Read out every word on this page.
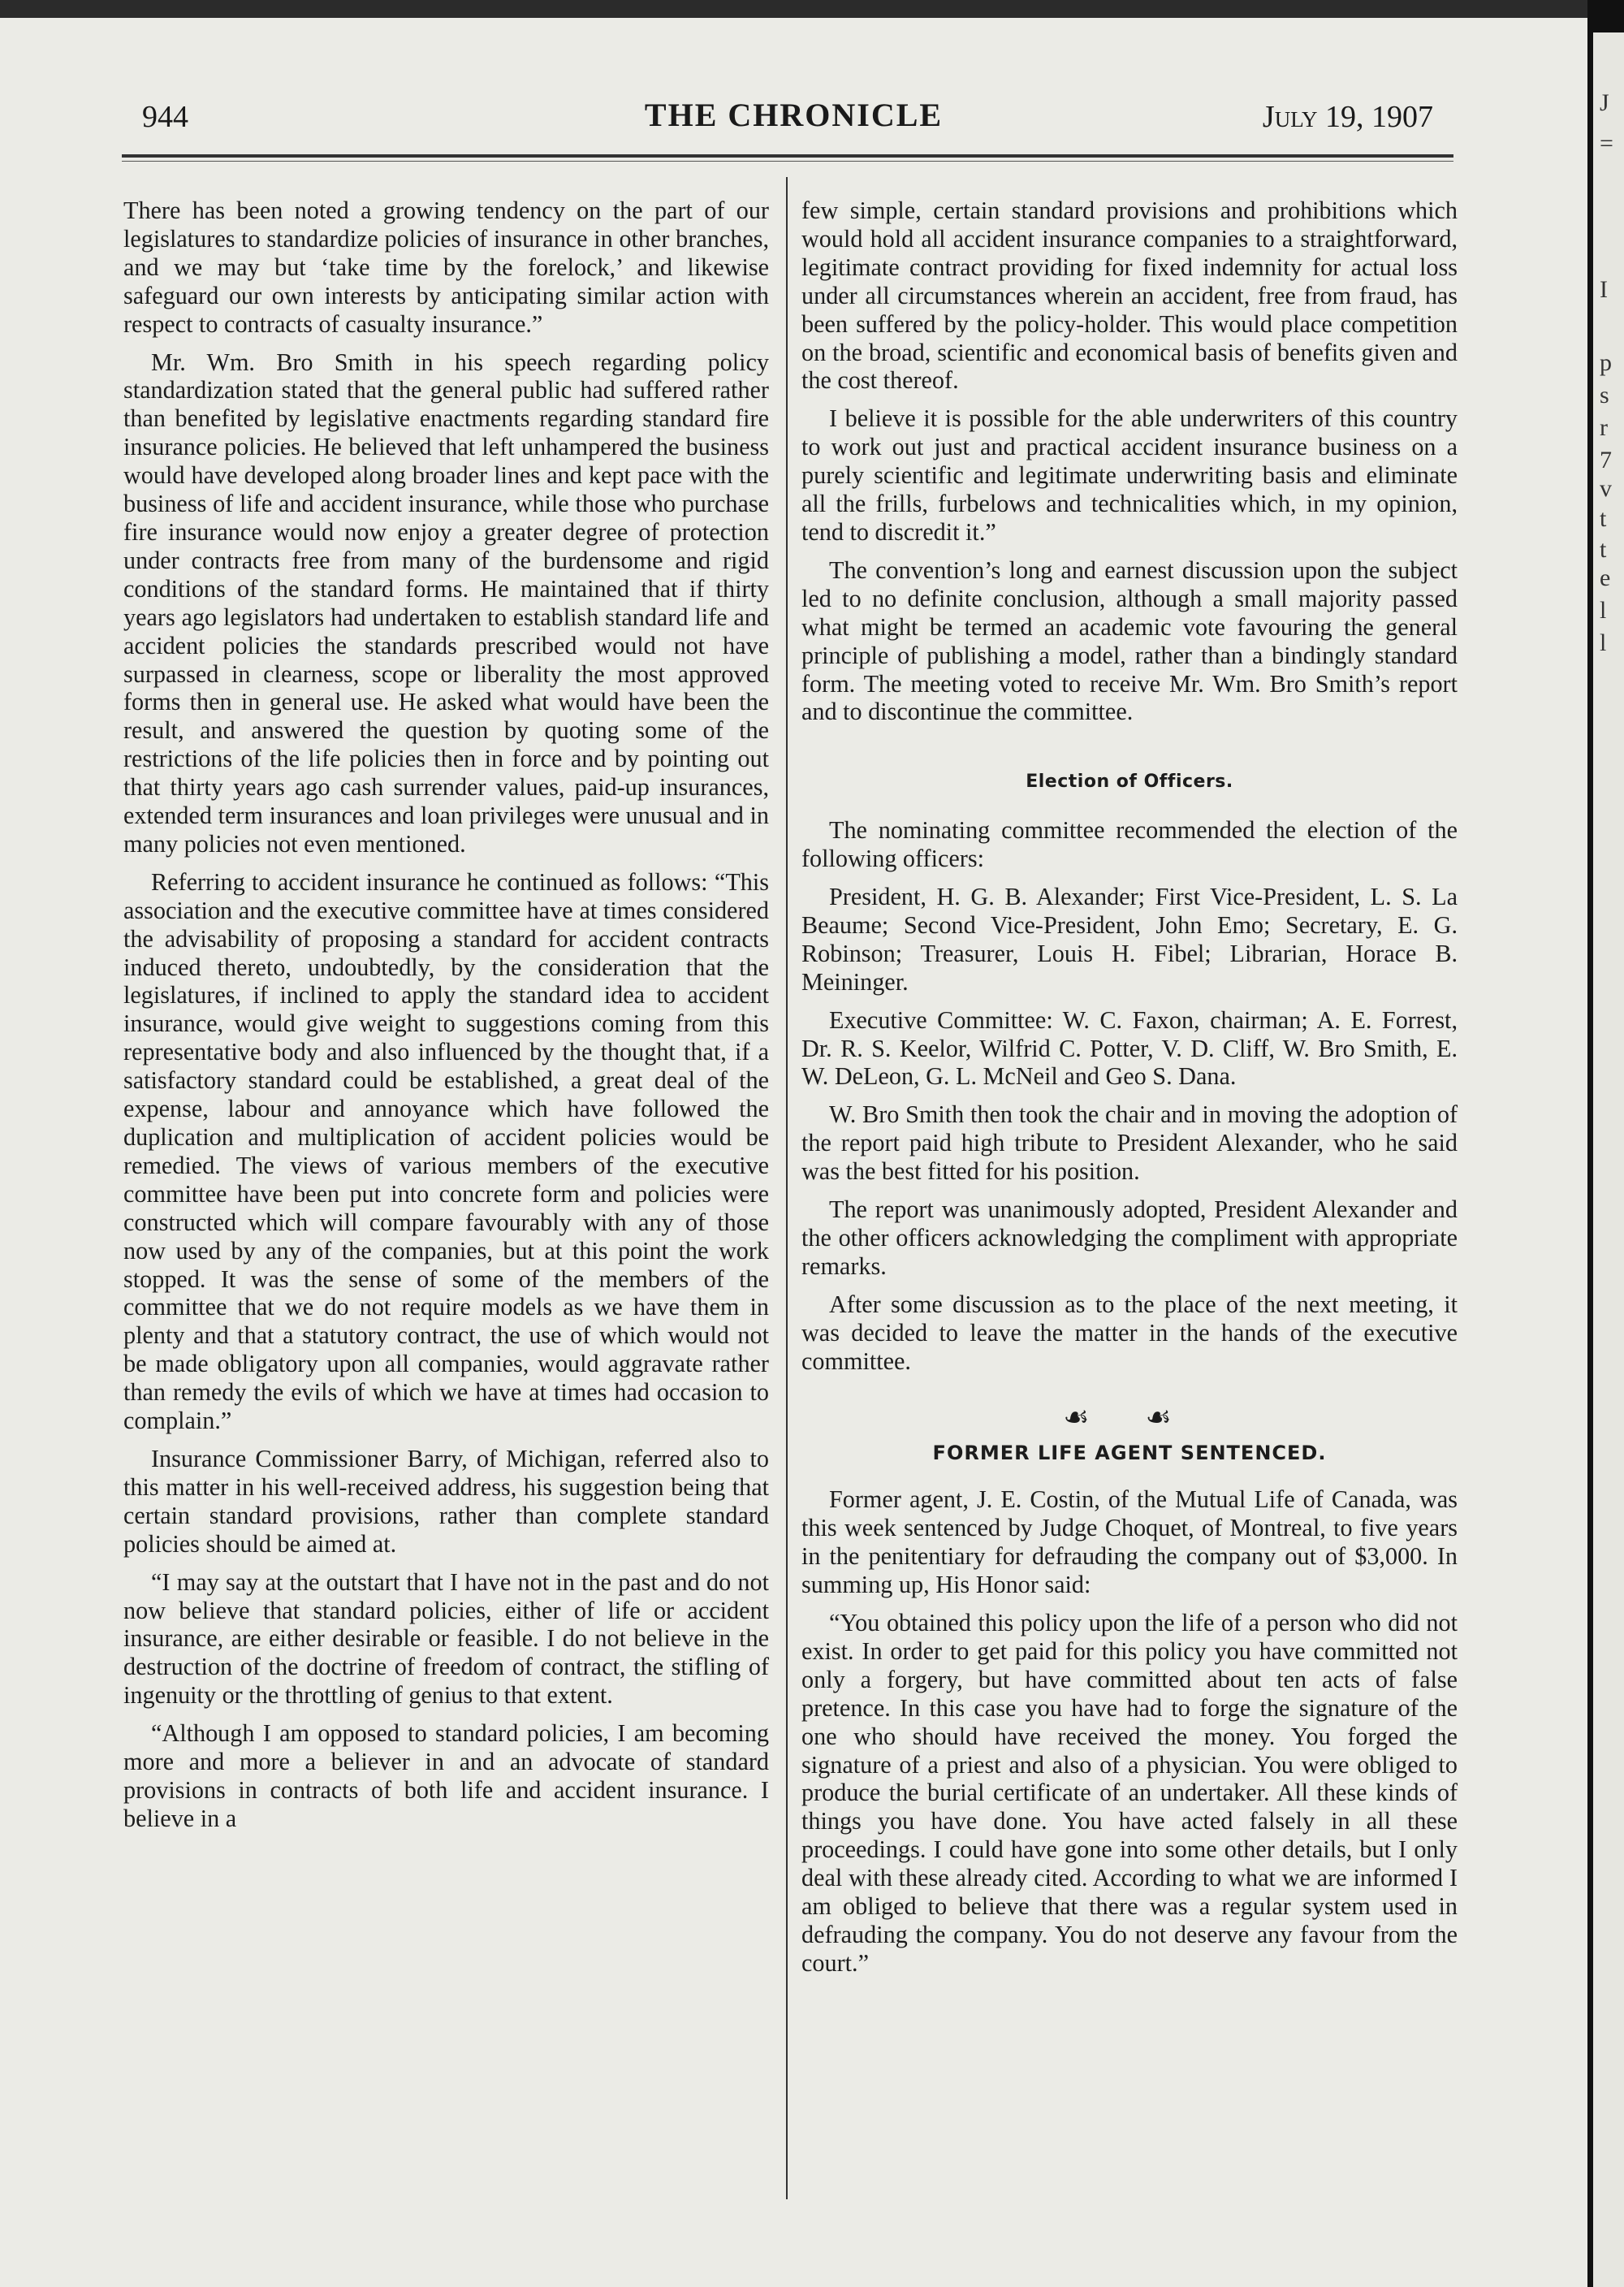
944	THE CHRONICLE	July 19, 1907

There has been noted a growing tendency on the part of our legislatures to standardize policies of insurance in other branches, and we may but ‘take time by the forelock,’ and likewise safeguard our own interests by anticipating similar action with respect to contracts of casualty insurance.”

Mr. Wm. Bro Smith in his speech regarding policy standardization stated that the general public had suffered rather than benefited by legislative enactments regarding standard fire insurance policies. He believed that left unhampered the business would have developed along broader lines and kept pace with the business of life and accident insurance, while those who purchase fire insurance would now enjoy a greater degree of protection under contracts free from many of the burdensome and rigid conditions of the standard forms. He maintained that if thirty years ago legislators had undertaken to establish standard life and accident policies the standards prescribed would not have surpassed in clearness, scope or liberality the most approved forms then in general use. He asked what would have been the result, and answered the question by quoting some of the restrictions of the life policies then in force and by pointing out that thirty years ago cash surrender values, paid-up insurances, extended term insurances and loan privileges were unusual and in many policies not even mentioned.

Referring to accident insurance he continued as follows: “This association and the executive committee have at times considered the advisability of proposing a standard for accident contracts induced thereto, undoubtedly, by the consideration that the legislatures, if inclined to apply the standard idea to accident insurance, would give weight to suggestions coming from this representative body and also influenced by the thought that, if a satisfactory standard could be established, a great deal of the expense, labour and annoyance which have followed the duplication and multiplication of accident policies would be remedied. The views of various members of the executive committee have been put into concrete form and policies were constructed which will compare favourably with any of those now used by any of the companies, but at this point the work stopped. It was the sense of some of the members of the committee that we do not require models as we have them in plenty and that a statutory contract, the use of which would not be made obligatory upon all companies, would aggravate rather than remedy the evils of which we have at times had occasion to complain.”

Insurance Commissioner Barry, of Michigan, referred also to this matter in his well-received address, his suggestion being that certain standard provisions, rather than complete standard policies should be aimed at.

“I may say at the outstart that I have not in the past and do not now believe that standard policies, either of life or accident insurance, are either desirable or feasible. I do not believe in the destruction of the doctrine of freedom of contract, the stifling of ingenuity or the throttling of genius to that extent.

“Although I am opposed to standard policies, I am becoming more and more a believer in and an advocate of standard provisions in contracts of both life and accident insurance. I believe in a

few simple, certain standard provisions and prohibitions which would hold all accident insurance companies to a straightforward, legitimate contract providing for fixed indemnity for actual loss under all circumstances wherein an accident, free from fraud, has been suffered by the policy-holder. This would place competition on the broad, scientific and economical basis of benefits given and the cost thereof.

I believe it is possible for the able underwriters of this country to work out just and practical accident insurance business on a purely scientific and legitimate underwriting basis and eliminate all the frills, furbelows and technicalities which, in my opinion, tend to discredit it.”

The convention’s long and earnest discussion upon the subject led to no definite conclusion, although a small majority passed what might be termed an academic vote favouring the general principle of publishing a model, rather than a bindingly standard form. The meeting voted to receive Mr. Wm. Bro Smith’s report and to discontinue the committee.

Election of Officers.

The nominating committee recommended the election of the following officers:

President, H. G. B. Alexander; First Vice-President, L. S. La Beaume; Second Vice-President, John Emo; Secretary, E. G. Robinson; Treasurer, Louis H. Fibel; Librarian, Horace B. Meininger.

Executive Committee: W. C. Faxon, chairman; A. E. Forrest, Dr. R. S. Keelor, Wilfrid C. Potter, V. D. Cliff, W. Bro Smith, E. W. DeLeon, G. L. McNeil and Geo S. Dana.

W. Bro Smith then took the chair and in moving the adoption of the report paid high tribute to President Alexander, who he said was the best fitted for his position.

The report was unanimously adopted, President Alexander and the other officers acknowledging the compliment with appropriate remarks.

After some discussion as to the place of the next meeting, it was decided to leave the matter in the hands of the executive committee.

☙ ☙
FORMER LIFE AGENT SENTENCED.

Former agent, J. E. Costin, of the Mutual Life of Canada, was this week sentenced by Judge Choquet, of Montreal, to five years in the penitentiary for defrauding the company out of $3,000. In summing up, His Honor said:

“You obtained this policy upon the life of a person who did not exist. In order to get paid for this policy you have committed not only a forgery, but have committed about ten acts of false pretence. In this case you have had to forge the signature of the one who should have received the money. You forged the signature of a priest and also of a physician. You were obliged to produce the burial certificate of an undertaker. All these kinds of things you have done. You have acted falsely in all these proceedings. I could have gone into some other details, but I only deal with these already cited. According to what we are informed I am obliged to believe that there was a regular system used in defrauding the company. You do not deserve any favour from the court.”

J
=
I
p
s
r
7
v
t
t
e
l
l
